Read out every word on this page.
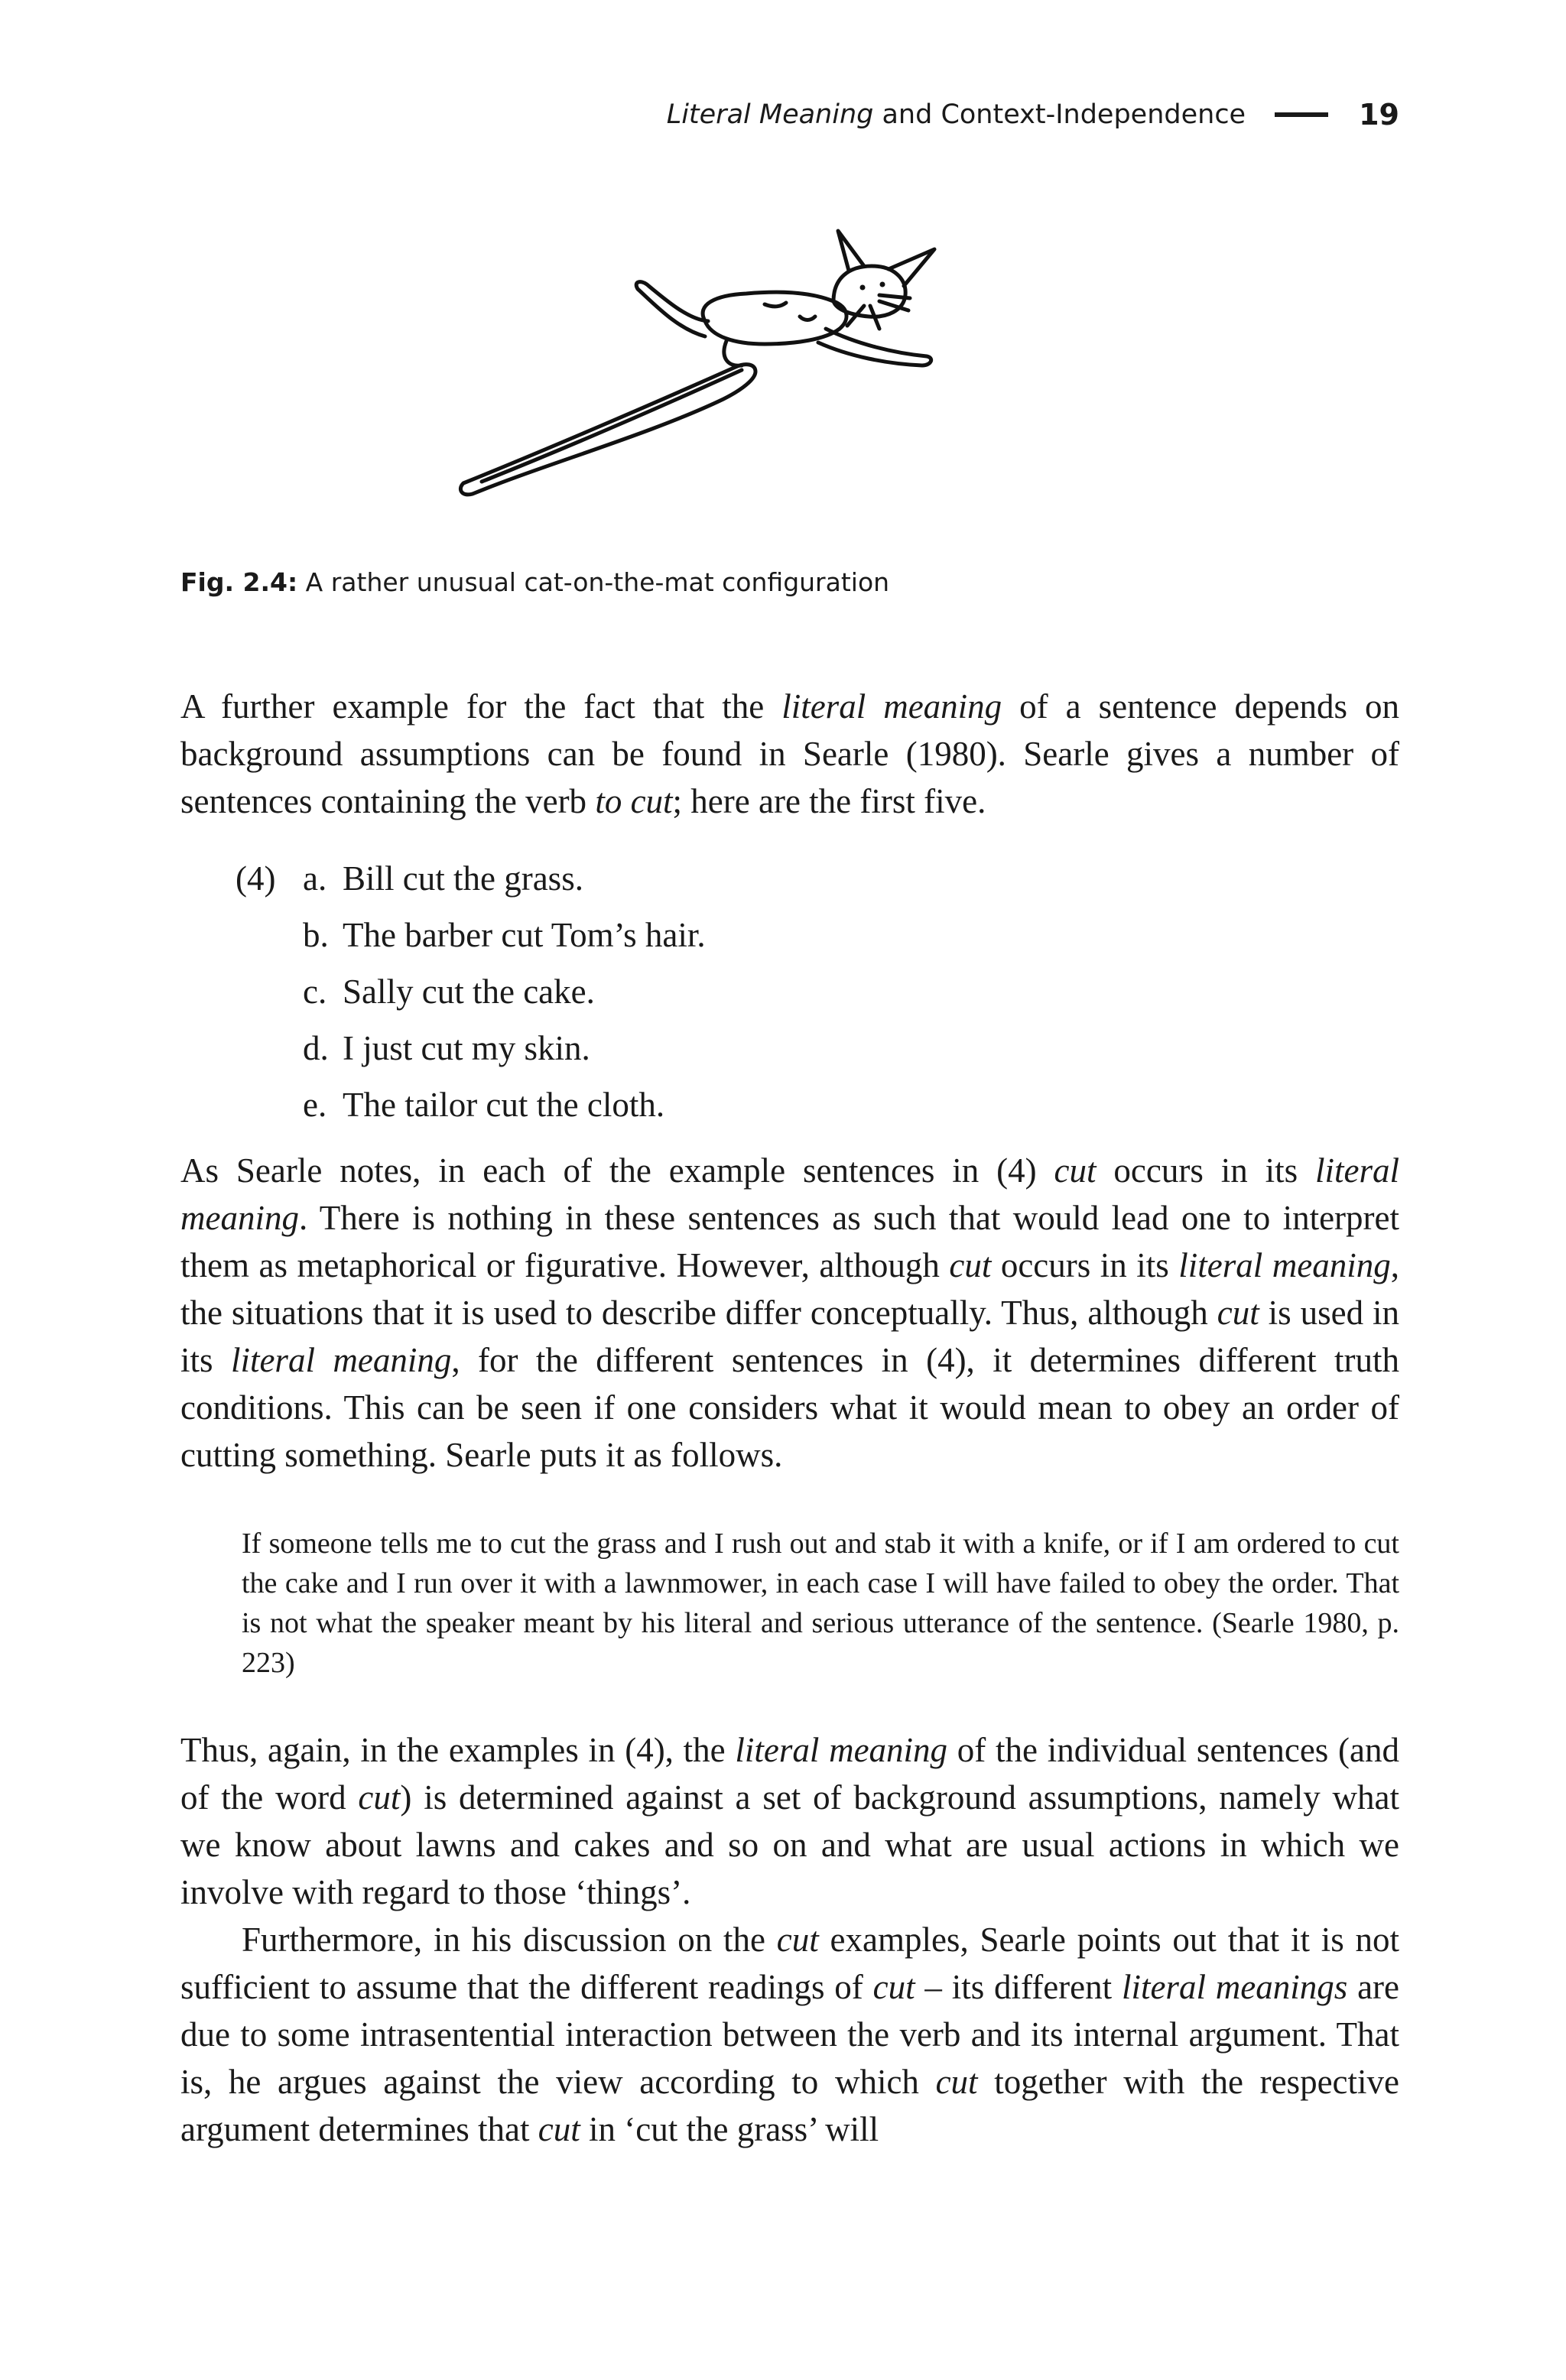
Literal Meaning and Context-Independence	19
Fig. 2.4: A rather unusual cat-on-the-mat configuration

A further example for the fact that the literal meaning of a sentence depends on background assumptions can be found in Searle (1980). Searle gives a number of sentences containing the verb to cut; here are the first five.

(4) a. Bill cut the grass.
b. The barber cut Tom’s hair.
c. Sally cut the cake.
d. I just cut my skin.
e. The tailor cut the cloth.

As Searle notes, in each of the example sentences in (4) cut occurs in its literal meaning. There is nothing in these sentences as such that would lead one to interpret them as metaphorical or figurative. However, although cut occurs in its literal meaning, the situations that it is used to describe differ conceptually. Thus, although cut is used in its literal meaning, for the different sentences in (4), it determines different truth conditions. This can be seen if one considers what it would mean to obey an order of cutting something. Searle puts it as follows.

If someone tells me to cut the grass and I rush out and stab it with a knife, or if I am ordered to cut the cake and I run over it with a lawnmower, in each case I will have failed to obey the order. That is not what the speaker meant by his literal and serious utterance of the sentence. (Searle 1980, p. 223)

Thus, again, in the examples in (4), the literal meaning of the individual sentences (and of the word cut) is determined against a set of background assumptions, namely what we know about lawns and cakes and so on and what are usual actions in which we involve with regard to those ‘things’.

Furthermore, in his discussion on the cut examples, Searle points out that it is not sufficient to assume that the different readings of cut – its different literal meanings are due to some intrasentential interaction between the verb and its internal argument. That is, he argues against the view according to which cut together with the respective argument determines that cut in ‘cut the grass’ will
